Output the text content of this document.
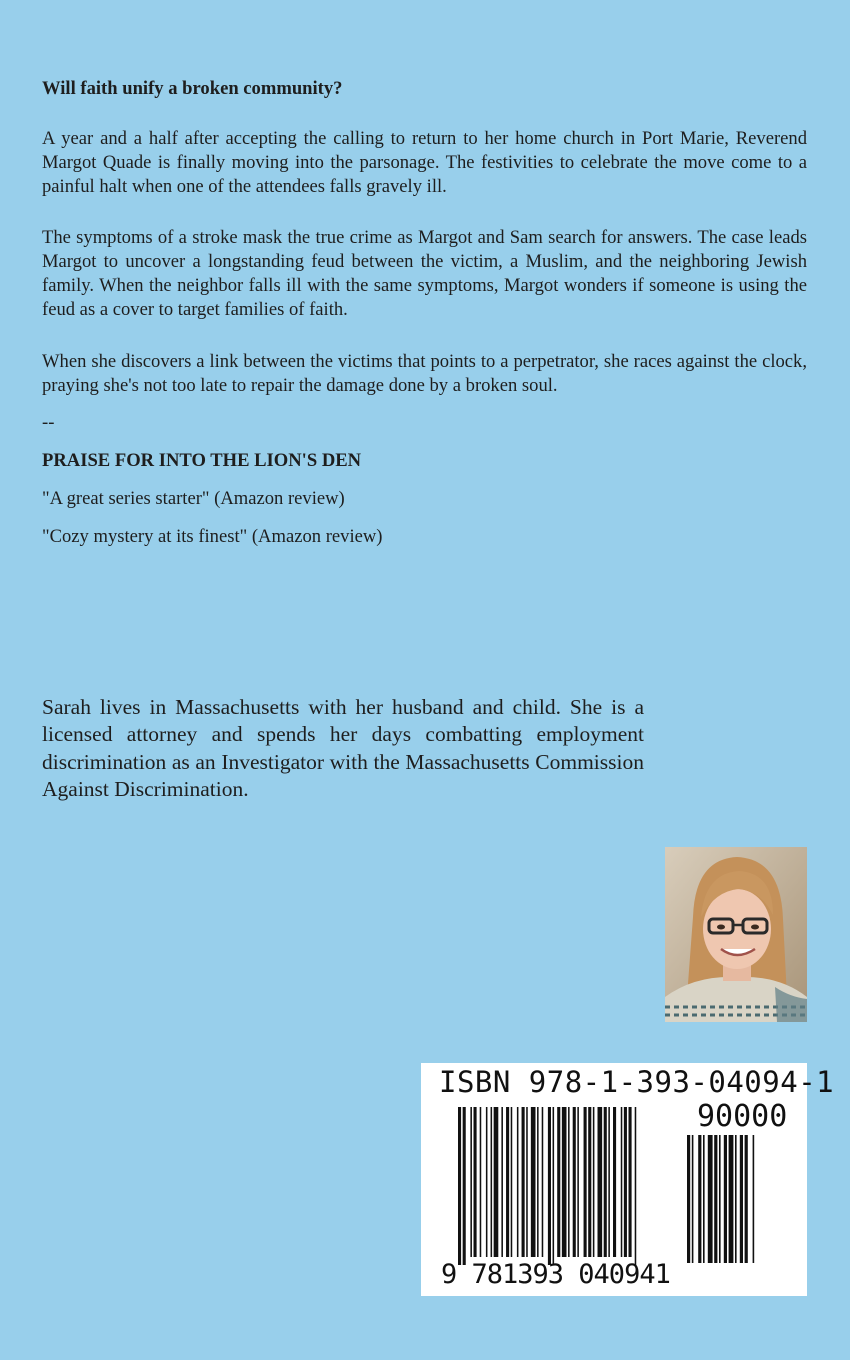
Will faith unify a broken community?

A year and a half after accepting the calling to return to her home church in Port Marie, Reverend Margot Quade is finally moving into the parsonage. The festivities to celebrate the move come to a painful halt when one of the attendees falls gravely ill.

The symptoms of a stroke mask the true crime as Margot and Sam search for answers. The case leads Margot to uncover a longstanding feud between the victim, a Muslim, and the neighboring Jewish family. When the neighbor falls ill with the same symptoms, Margot wonders if someone is using the feud as a cover to target families of faith.

When she discovers a link between the victims that points to a perpetrator, she races against the clock, praying she's not too late to repair the damage done by a broken soul.

--

PRAISE FOR INTO THE LION'S DEN

"A great series starter" (Amazon review)

"Cozy mystery at its finest" (Amazon review)

Sarah lives in Massachusetts with her husband and child. She is a licensed attorney and spends her days combatting employment discrimination as an Investigator with the Massachusetts Commission Against Discrimination.

ISBN 978-1-393-04094-1
90000
9 781393 040941
